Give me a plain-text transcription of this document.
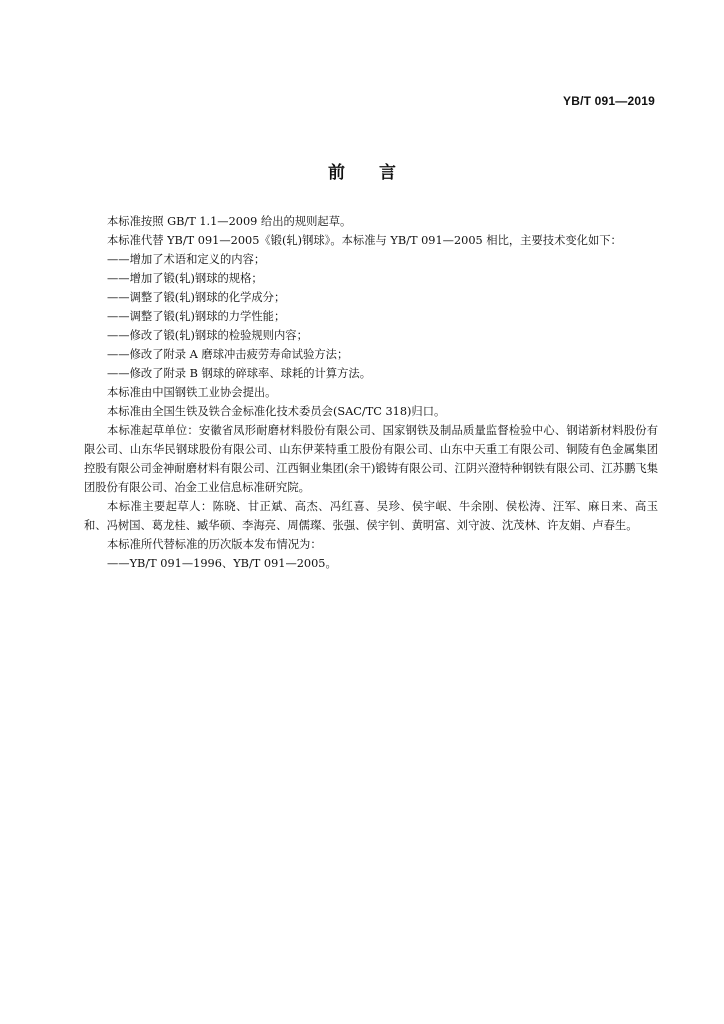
YB/T 091—2019
前言

本标准按照 GB/T 1.1—2009 给出的规则起草。

本标准代替 YB/T 091—2005《锻(轧)钢球》。本标准与 YB/T 091—2005 相比，主要技术变化如下：

——增加了术语和定义的内容；

——增加了锻(轧)钢球的规格；

——调整了锻(轧)钢球的化学成分；

——调整了锻(轧)钢球的力学性能；

——修改了锻(轧)钢球的检验规则内容；

——修改了附录 A 磨球冲击疲劳寿命试验方法；

——修改了附录 B 钢球的碎球率、球耗的计算方法。

本标准由中国钢铁工业协会提出。

本标准由全国生铁及铁合金标准化技术委员会(SAC/TC 318)归口。

本标准起草单位：安徽省凤形耐磨材料股份有限公司、国家钢铁及制品质量监督检验中心、钢诺新材料股份有限公司、山东华民钢球股份有限公司、山东伊莱特重工股份有限公司、山东中天重工有限公司、铜陵有色金属集团控股有限公司金神耐磨材料有限公司、江西铜业集团(余干)锻铸有限公司、江阴兴澄特种钢铁有限公司、江苏鹏飞集团股份有限公司、冶金工业信息标准研究院。

本标准主要起草人：陈晓、甘正斌、高杰、冯红喜、吴珍、侯宇岷、牛余刚、侯松涛、汪军、麻日来、高玉和、冯树国、葛龙桂、臧华硕、李海亮、周儒璨、张强、侯宇钊、黄明富、刘守波、沈茂林、许友娟、卢春生。

本标准所代替标准的历次版本发布情况为：

——YB/T 091—1996、YB/T 091—2005。
